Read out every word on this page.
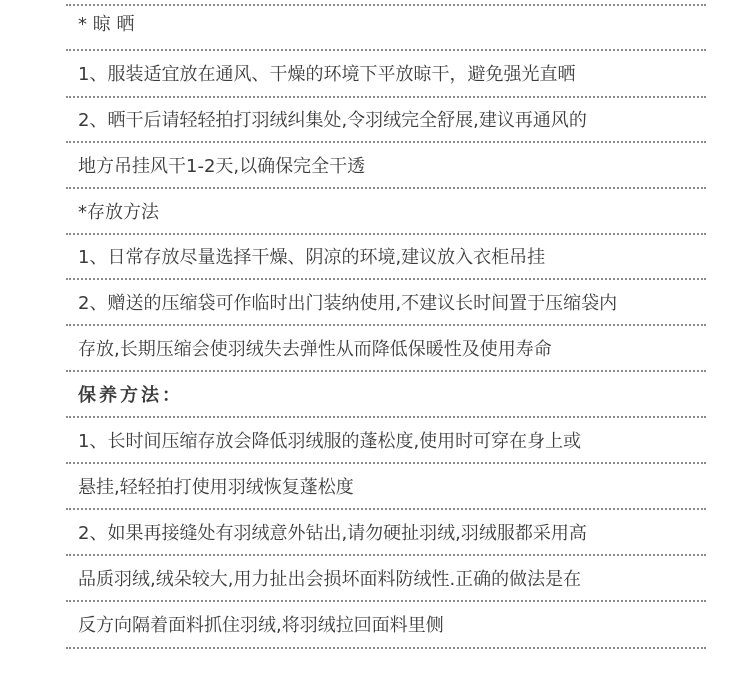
* 晾 晒
1、服装适宜放在通风、干燥的环境下平放晾干，避免强光直晒
2、晒干后请轻轻拍打羽绒纠集处,令羽绒完全舒展,建议再通风的
地方吊挂风干1-2天,以确保完全干透
*存放方法
1、日常存放尽量选择干燥、阴凉的环境,建议放入衣柜吊挂
2、赠送的压缩袋可作临时出门装纳使用,不建议长时间置于压缩袋内
存放,长期压缩会使羽绒失去弹性从而降低保暖性及使用寿命
保养方法：
1、长时间压缩存放会降低羽绒服的蓬松度,使用时可穿在身上或
悬挂,轻轻拍打使用羽绒恢复蓬松度
2、如果再接缝处有羽绒意外钻出,请勿硬扯羽绒,羽绒服都采用高
品质羽绒,绒朵较大,用力扯出会损坏面料防绒性.正确的做法是在
反方向隔着面料抓住羽绒,将羽绒拉回面料里侧
